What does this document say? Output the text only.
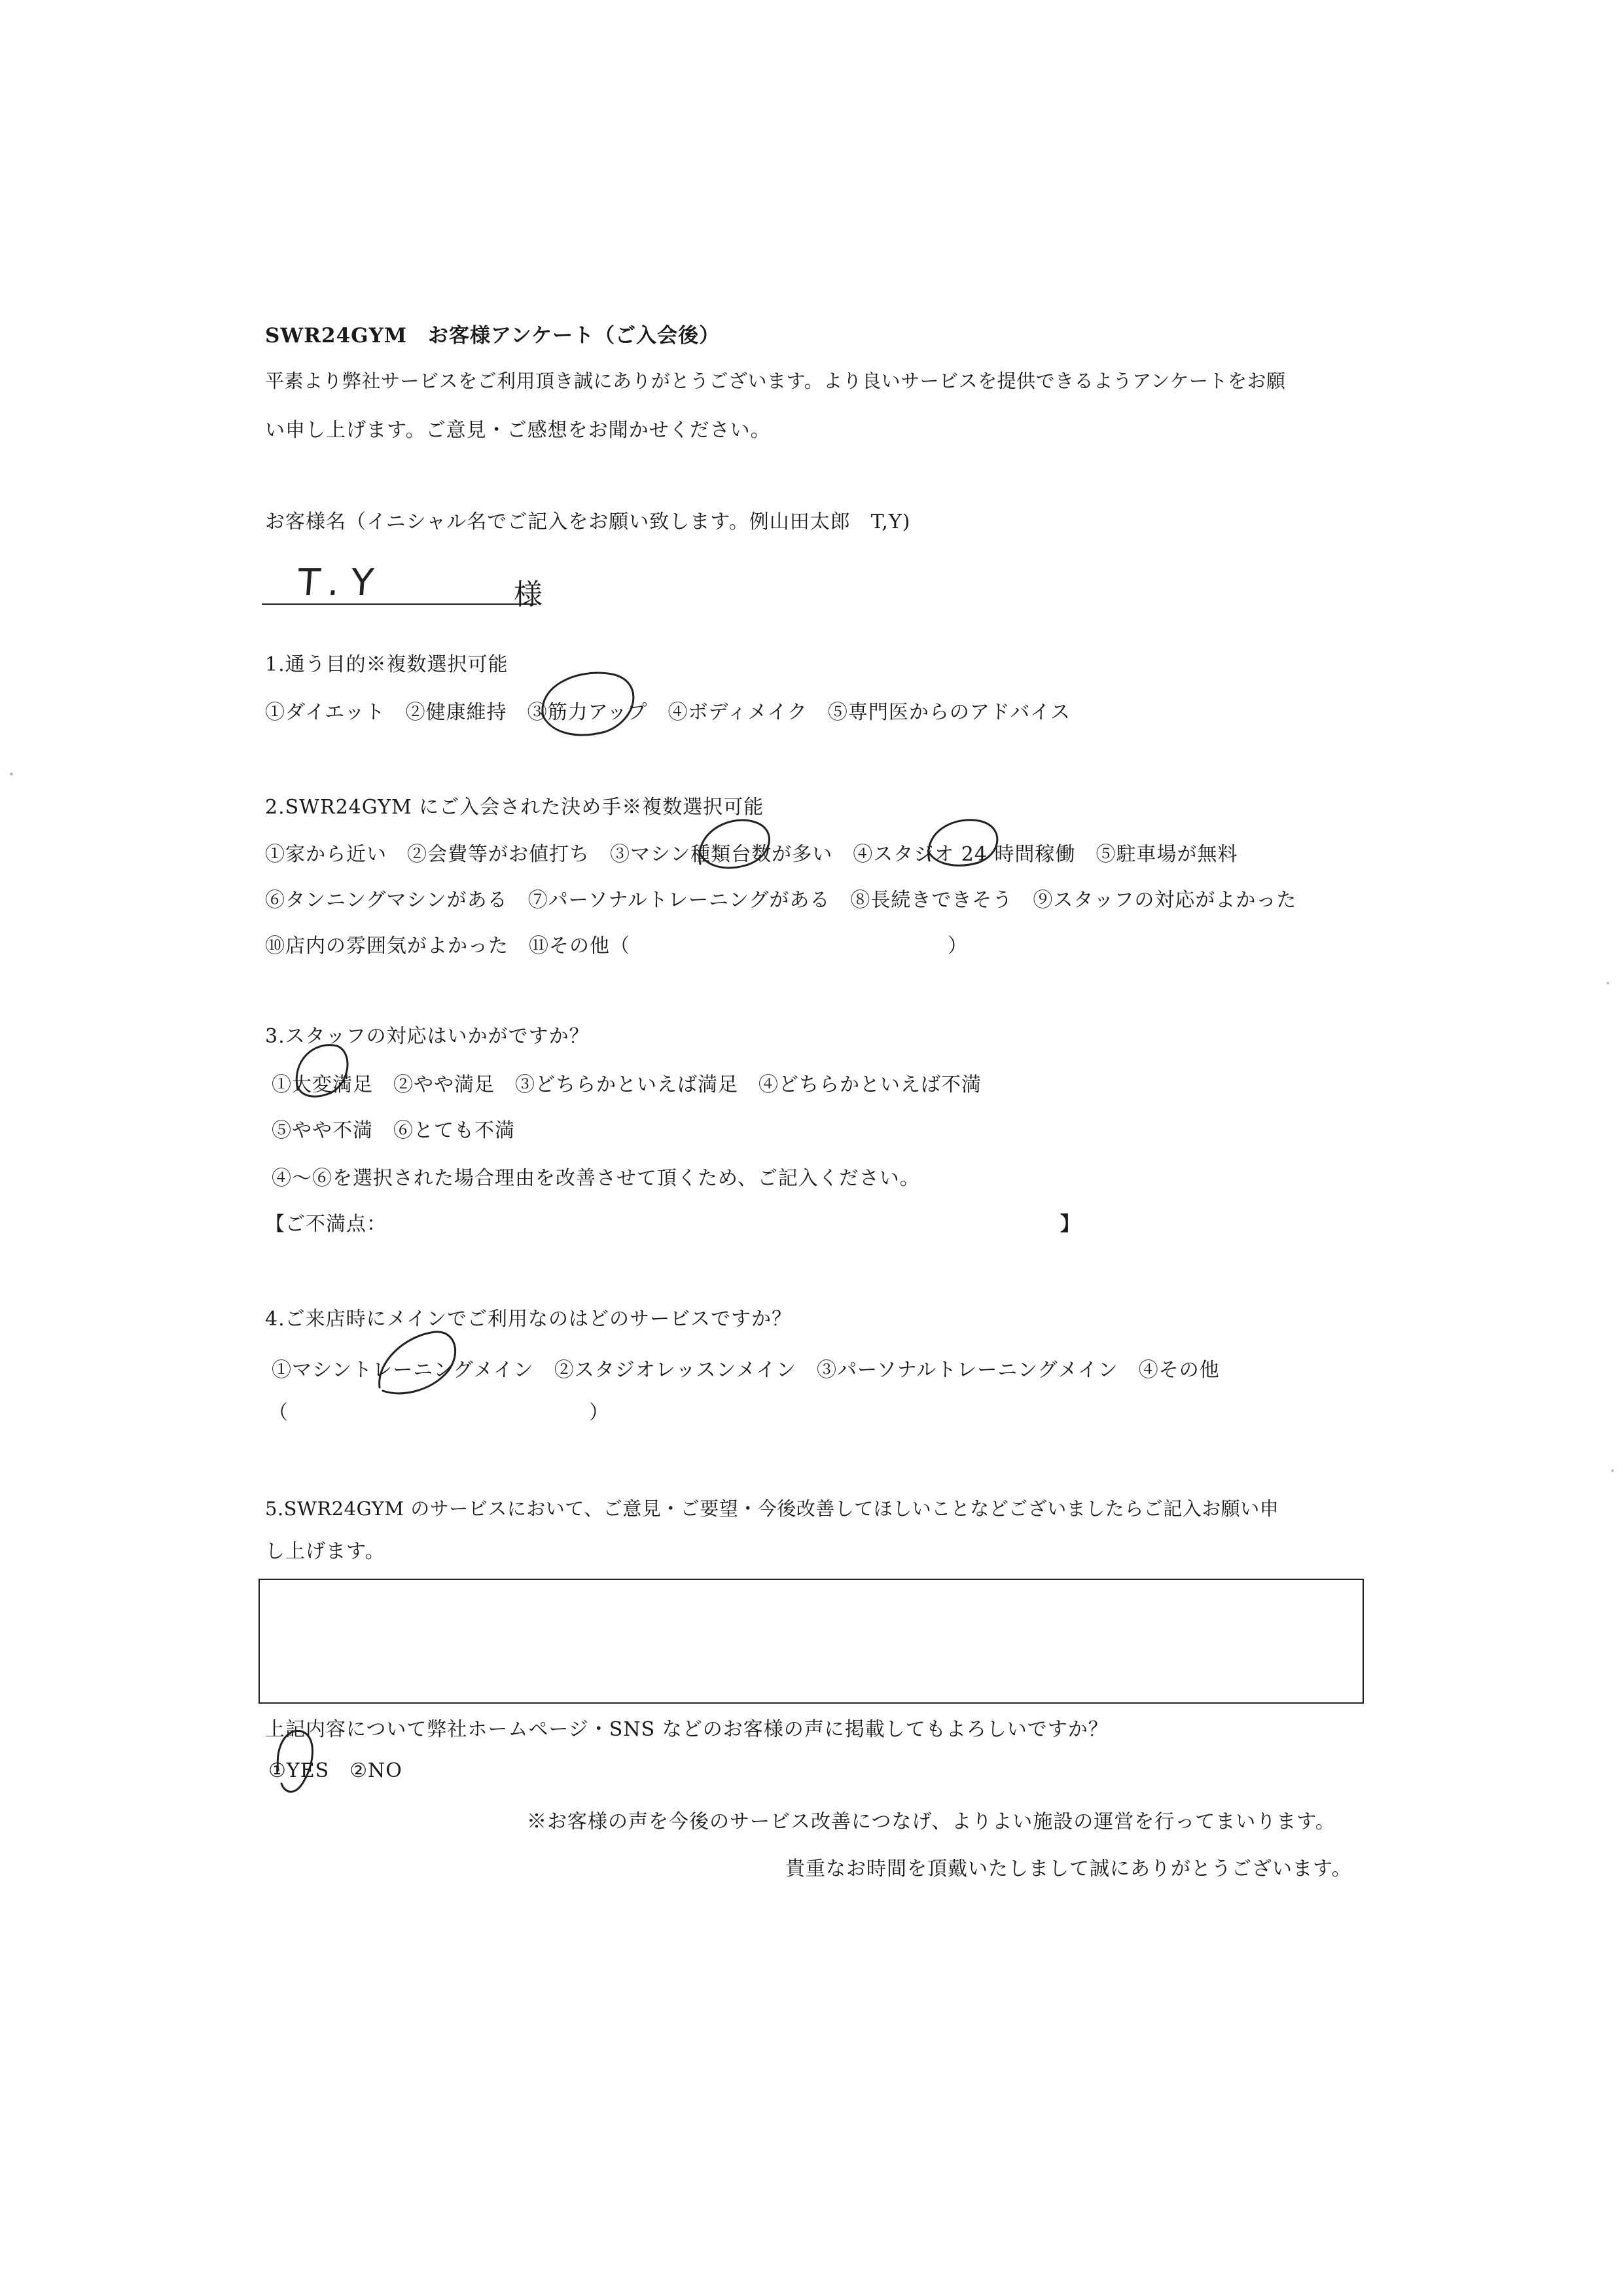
SWR24GYM　お客様アンケート（ご入会後）
平素より弊社サービスをご利用頂き誠にありがとうございます。より良いサービスを提供できるようアンケートをお願
い申し上げます。ご意見・ご感想をお聞かせください。
お客様名（イニシャル名でご記入をお願い致します。例山田太郎　T,Y)
T.Y	様
1.通う目的※複数選択可能
①ダイエット　②健康維持　③筋力アップ　④ボディメイク　⑤専門医からのアドバイス
2.SWR24GYM にご入会された決め手※複数選択可能
①家から近い　②会費等がお値打ち　③マシン種類台数が多い　④スタジオ 24 時間稼働　⑤駐車場が無料
⑥タンニングマシンがある　⑦パーソナルトレーニングがある　⑧長続きできそう　⑨スタッフの対応がよかった
⑩店内の雰囲気がよかった　⑪その他（	）
3.スタッフの対応はいかがですか？
①大変満足　②やや満足　③どちらかといえば満足　④どちらかといえば不満
⑤やや不満　⑥とても不満
④～⑥を選択された場合理由を改善させて頂くため、ご記入ください。
【ご不満点：	】
4.ご来店時にメインでご利用なのはどのサービスですか？
①マシントレーニングメイン　②スタジオレッスンメイン　③パーソナルトレーニングメイン　④その他
（	）
5.SWR24GYM のサービスにおいて、ご意見・ご要望・今後改善してほしいことなどございましたらご記入お願い申
し上げます。
上記内容について弊社ホームページ・SNS などのお客様の声に掲載してもよろしいですか？
①YES　②NO
※お客様の声を今後のサービス改善につなげ、よりよい施設の運営を行ってまいります。
貴重なお時間を頂戴いたしまして誠にありがとうございます。
